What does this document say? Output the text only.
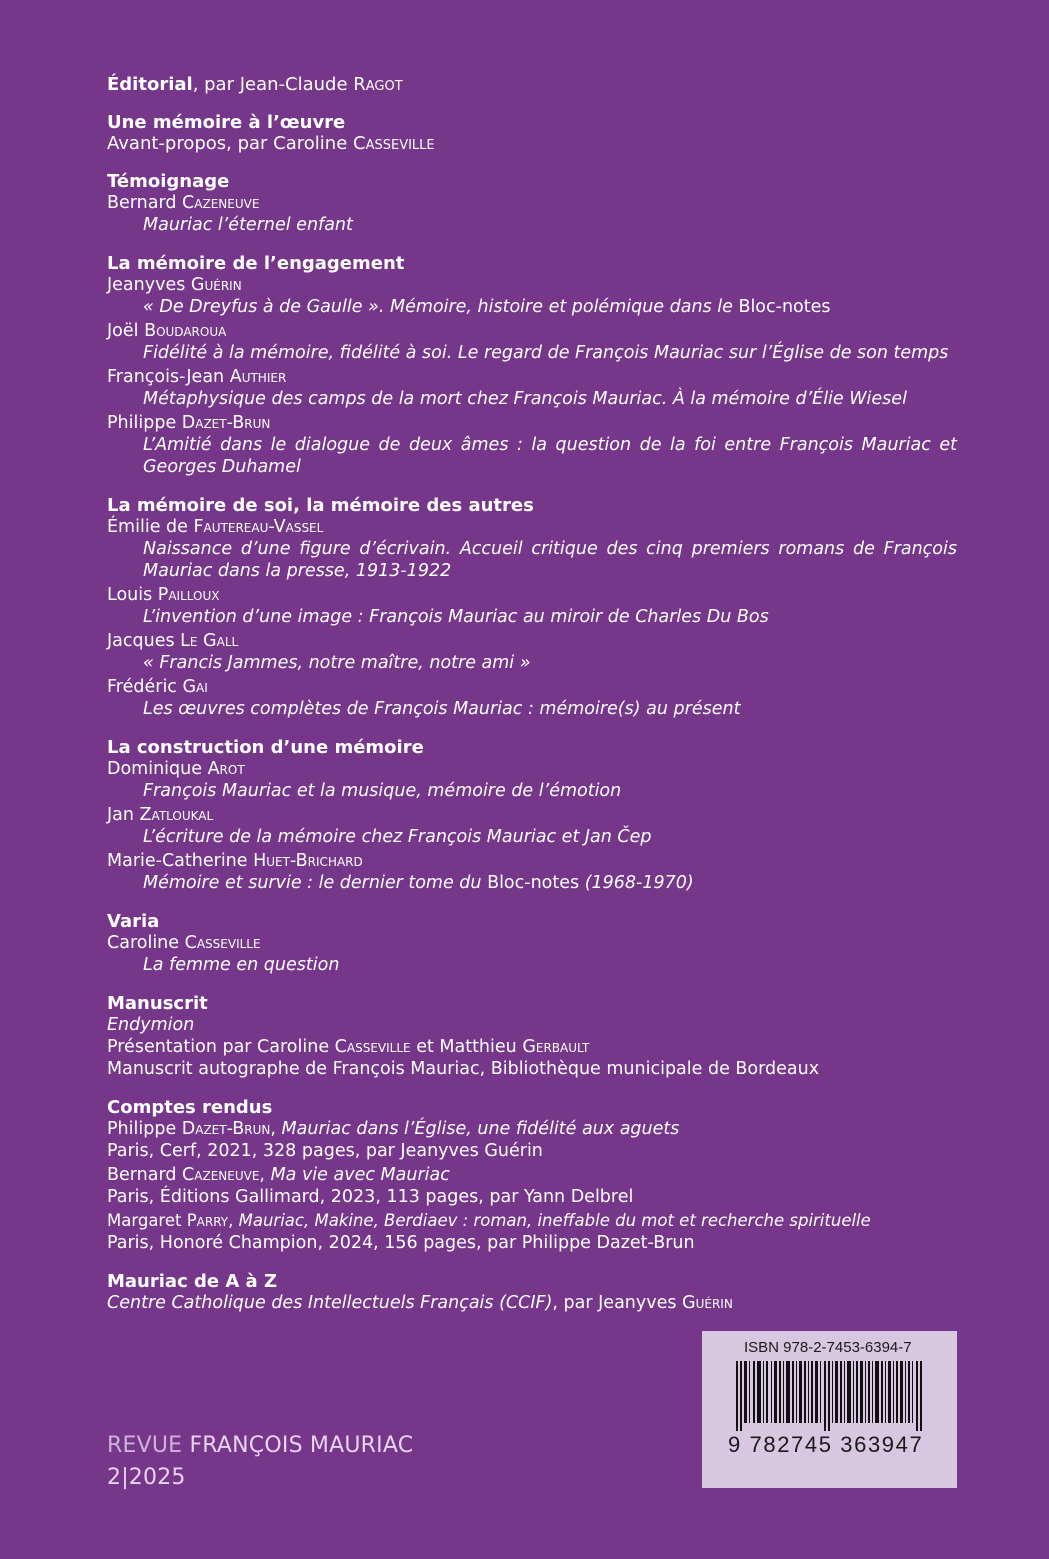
Éditorial, par Jean-Claude Ragot
Une mémoire à l’œuvre
Avant-propos, par Caroline Casseville
Témoignage
Bernard Cazeneuve
Mauriac l’éternel enfant
La mémoire de l’engagement
Jeanyves Guérin
« De Dreyfus à de Gaulle ». Mémoire, histoire et polémique dans le Bloc-notes
Joël Boudaroua
Fidélité à la mémoire, fidélité à soi. Le regard de François Mauriac sur l’Église de son temps
François-Jean Authier
Métaphysique des camps de la mort chez François Mauriac. À la mémoire d’Élie Wiesel
Philippe Dazet-Brun
L’Amitié dans le dialogue de deux âmes : la question de la foi entre François Mauriac et Georges Duhamel
La mémoire de soi, la mémoire des autres
Émilie de Fautereau-Vassel
Naissance d’une figure d’écrivain. Accueil critique des cinq premiers romans de François Mauriac dans la presse, 1913-1922
Louis Pailloux
L’invention d’une image : François Mauriac au miroir de Charles Du Bos
Jacques Le Gall
« Francis Jammes, notre maître, notre ami »
Frédéric Gai
Les œuvres complètes de François Mauriac : mémoire(s) au présent
La construction d’une mémoire
Dominique Arot
François Mauriac et la musique, mémoire de l’émotion
Jan Zatloukal
L’écriture de la mémoire chez François Mauriac et Jan Čep
Marie-Catherine Huet-Brichard
Mémoire et survie : le dernier tome du Bloc-notes (1968-1970)
Varia
Caroline Casseville
La femme en question
Manuscrit
Endymion
Présentation par Caroline Casseville et Matthieu Gerbault
Manuscrit autographe de François Mauriac, Bibliothèque municipale de Bordeaux
Comptes rendus
Philippe Dazet-Brun, Mauriac dans l’Église, une fidélité aux aguets
Paris, Cerf, 2021, 328 pages, par Jeanyves Guérin
Bernard Cazeneuve, Ma vie avec Mauriac
Paris, Éditions Gallimard, 2023, 113 pages, par Yann Delbrel
Margaret Parry, Mauriac, Makine, Berdiaev : roman, ineffable du mot et recherche spirituelle
Paris, Honoré Champion, 2024, 156 pages, par Philippe Dazet-Brun
Mauriac de A à Z
Centre Catholique des Intellectuels Français (CCIF), par Jeanyves Guérin
REVUE FRANÇOIS MAURIAC
2|2025
ISBN 978-2-7453-6394-7
9 782745 363947
